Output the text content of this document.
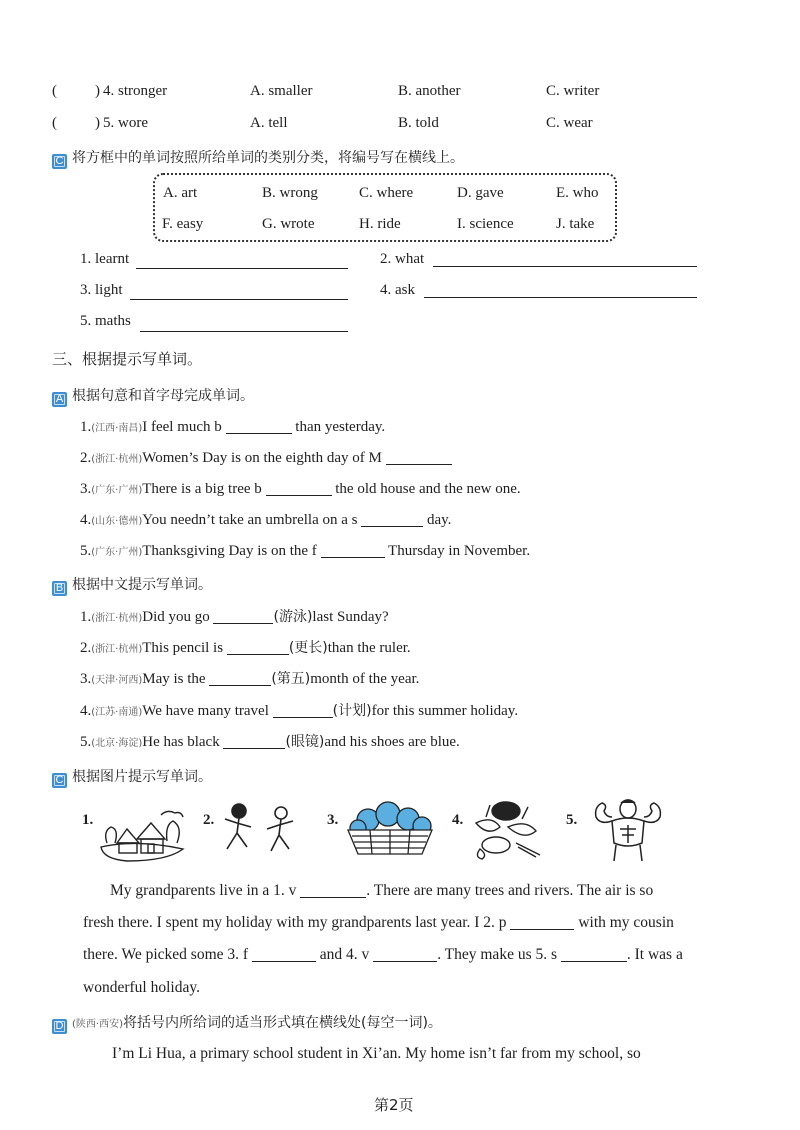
(	) 4. stronger	A. smaller	B. another	C. writer
(	) 5. wore	A. tell	B. told	C. wear
C 将方框中的单词按照所给单词的类别分类，将编号写在横线上。
A. art	B. wrong	C. where	D. gave	E. who
F. easy	G. wrote	H. ride	I. science	J. take
1. learnt	2. what
3. light	4. ask
5. maths
三、根据提示写单词。
A 根据句意和首字母完成单词。
1.(江西·南昌)I feel much b	than yesterday.
2.(浙江·杭州)Women’s Day is on the eighth day of M
3.(广东·广州)There is a big tree b	the old house and the new one.
4.(山东·德州)You needn’t take an umbrella on a s	day.
5.(广东·广州)Thanksgiving Day is on the f	Thursday in November.
B 根据中文提示写单词。
1.(浙江·杭州)Did you go	(游泳)last Sunday?
2.(浙江·杭州)This pencil is	(更长)than the ruler.
3.(天津·河西)May is the	(第五)month of the year.
4.(江苏·南通)We have many travel	(计划)for this summer holiday.
5.(北京·海淀)He has black	(眼镜)and his shoes are blue.
C 根据图片提示写单词。
1.	2.	3.	4.	5.
My grandparents live in a 1. v	. There are many trees and rivers. The air is so
fresh there. I spent my holiday with my grandparents last year. I 2. p	with my cousin
there. We picked some 3. f	and 4. v	. They make us 5. s	. It was a
wonderful holiday.
D (陕西·西安)将括号内所给词的适当形式填在横线处(每空一词)。
I’m Li Hua, a primary school student in Xi’an. My home isn’t far from my school, so
第2页
